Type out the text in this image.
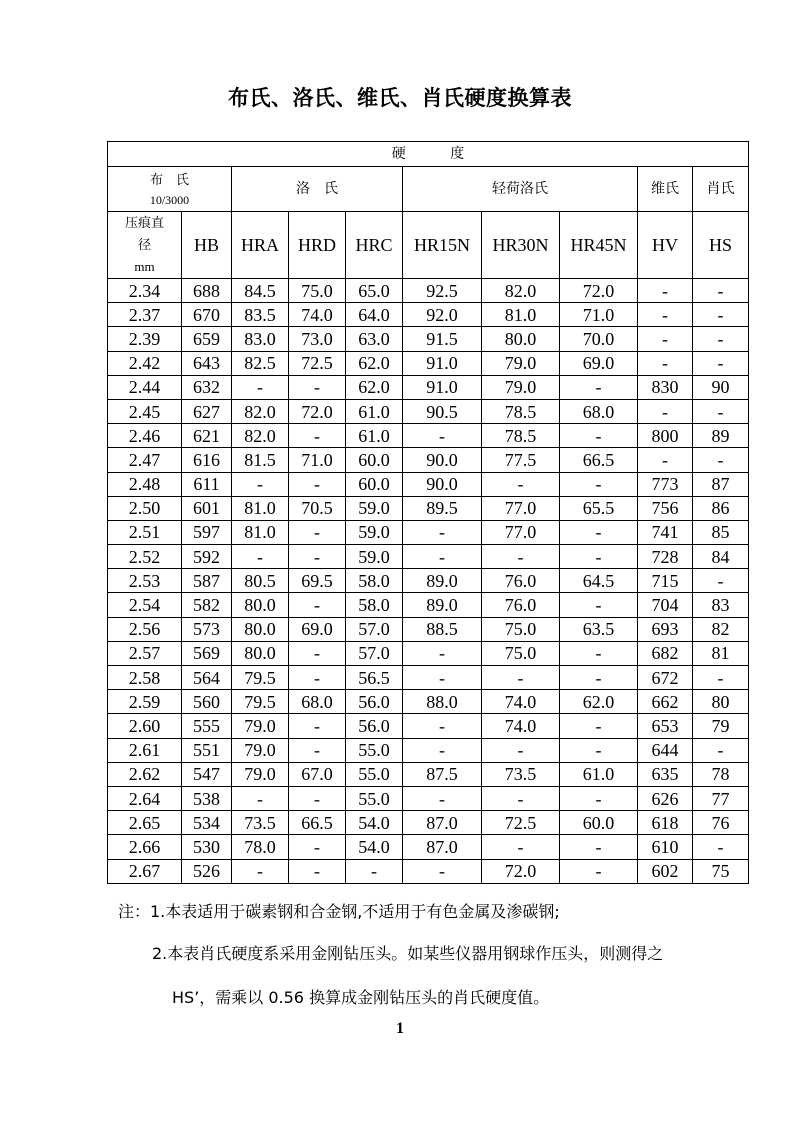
布氏、洛氏、维氏、肖氏硬度换算表
硬          度									

布　氏
10/3000		洛　氏			轻荷洛氏			维氏	肖氏

压痕直
径
mm	HB	HRA	HRD	HRC	HR15N	HR30N	HR45N	HV	HS
2.34	688	84.5	75.0	65.0	92.5	82.0	72.0	-	-
2.37	670	83.5	74.0	64.0	92.0	81.0	71.0	-	-
2.39	659	83.0	73.0	63.0	91.5	80.0	70.0	-	-
2.42	643	82.5	72.5	62.0	91.0	79.0	69.0	-	-
2.44	632	-	-	62.0	91.0	79.0	-	830	90
2.45	627	82.0	72.0	61.0	90.5	78.5	68.0	-	-
2.46	621	82.0	-	61.0	-	78.5	-	800	89
2.47	616	81.5	71.0	60.0	90.0	77.5	66.5	-	-
2.48	611	-	-	60.0	90.0	-	-	773	87
2.50	601	81.0	70.5	59.0	89.5	77.0	65.5	756	86
2.51	597	81.0	-	59.0	-	77.0	-	741	85
2.52	592	-	-	59.0	-	-	-	728	84
2.53	587	80.5	69.5	58.0	89.0	76.0	64.5	715	-
2.54	582	80.0	-	58.0	89.0	76.0	-	704	83
2.56	573	80.0	69.0	57.0	88.5	75.0	63.5	693	82
2.57	569	80.0	-	57.0	-	75.0	-	682	81
2.58	564	79.5	-	56.5	-	-	-	672	-
2.59	560	79.5	68.0	56.0	88.0	74.0	62.0	662	80
2.60	555	79.0	-	56.0	-	74.0	-	653	79
2.61	551	79.0	-	55.0	-	-	-	644	-
2.62	547	79.0	67.0	55.0	87.5	73.5	61.0	635	78
2.64	538	-	-	55.0	-	-	-	626	77
2.65	534	73.5	66.5	54.0	87.0	72.5	60.0	618	76
2.66	530	78.0	-	54.0	87.0	-	-	610	-
2.67	526	-	-	-	-	72.0	-	602	75
注：1.本表适用于碳素钢和合金钢,不适用于有色金属及渗碳钢;
2.本表肖氏硬度系采用金刚钻压头。如某些仪器用钢球作压头，则测得之
HS’，需乘以 0.56 换算成金刚钻压头的肖氏硬度值。
1
